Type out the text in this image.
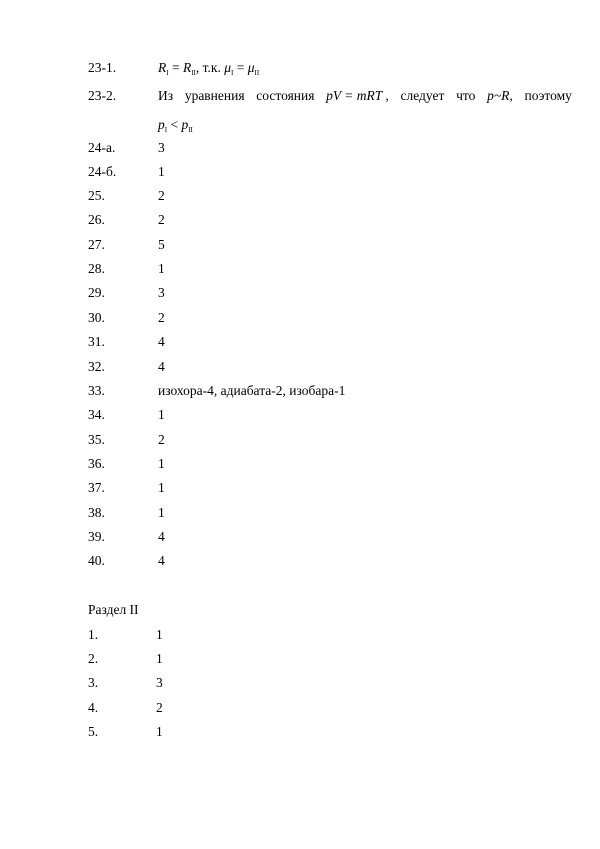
23-1.	$R_I = R_{II}$, т.к. $\mu_I = \mu_{II}$
23-2.	Из уравнения состояния pV = mRT , следует что p~R, поэтому
$p_I < p_{II}$
24-а.	3
24-б.	1
25.	2
26.	2
27.	5
28.	1
29.	3
30.	2
31.	4
32.	4
33.	изохора-4, адиабата-2, изобара-1
34.	1
35.	2
36.	1
37.	1
38.	1
39.	4
40.	4
Раздел II
1.	1
2.	1
3.	3
4.	2
5.	1
